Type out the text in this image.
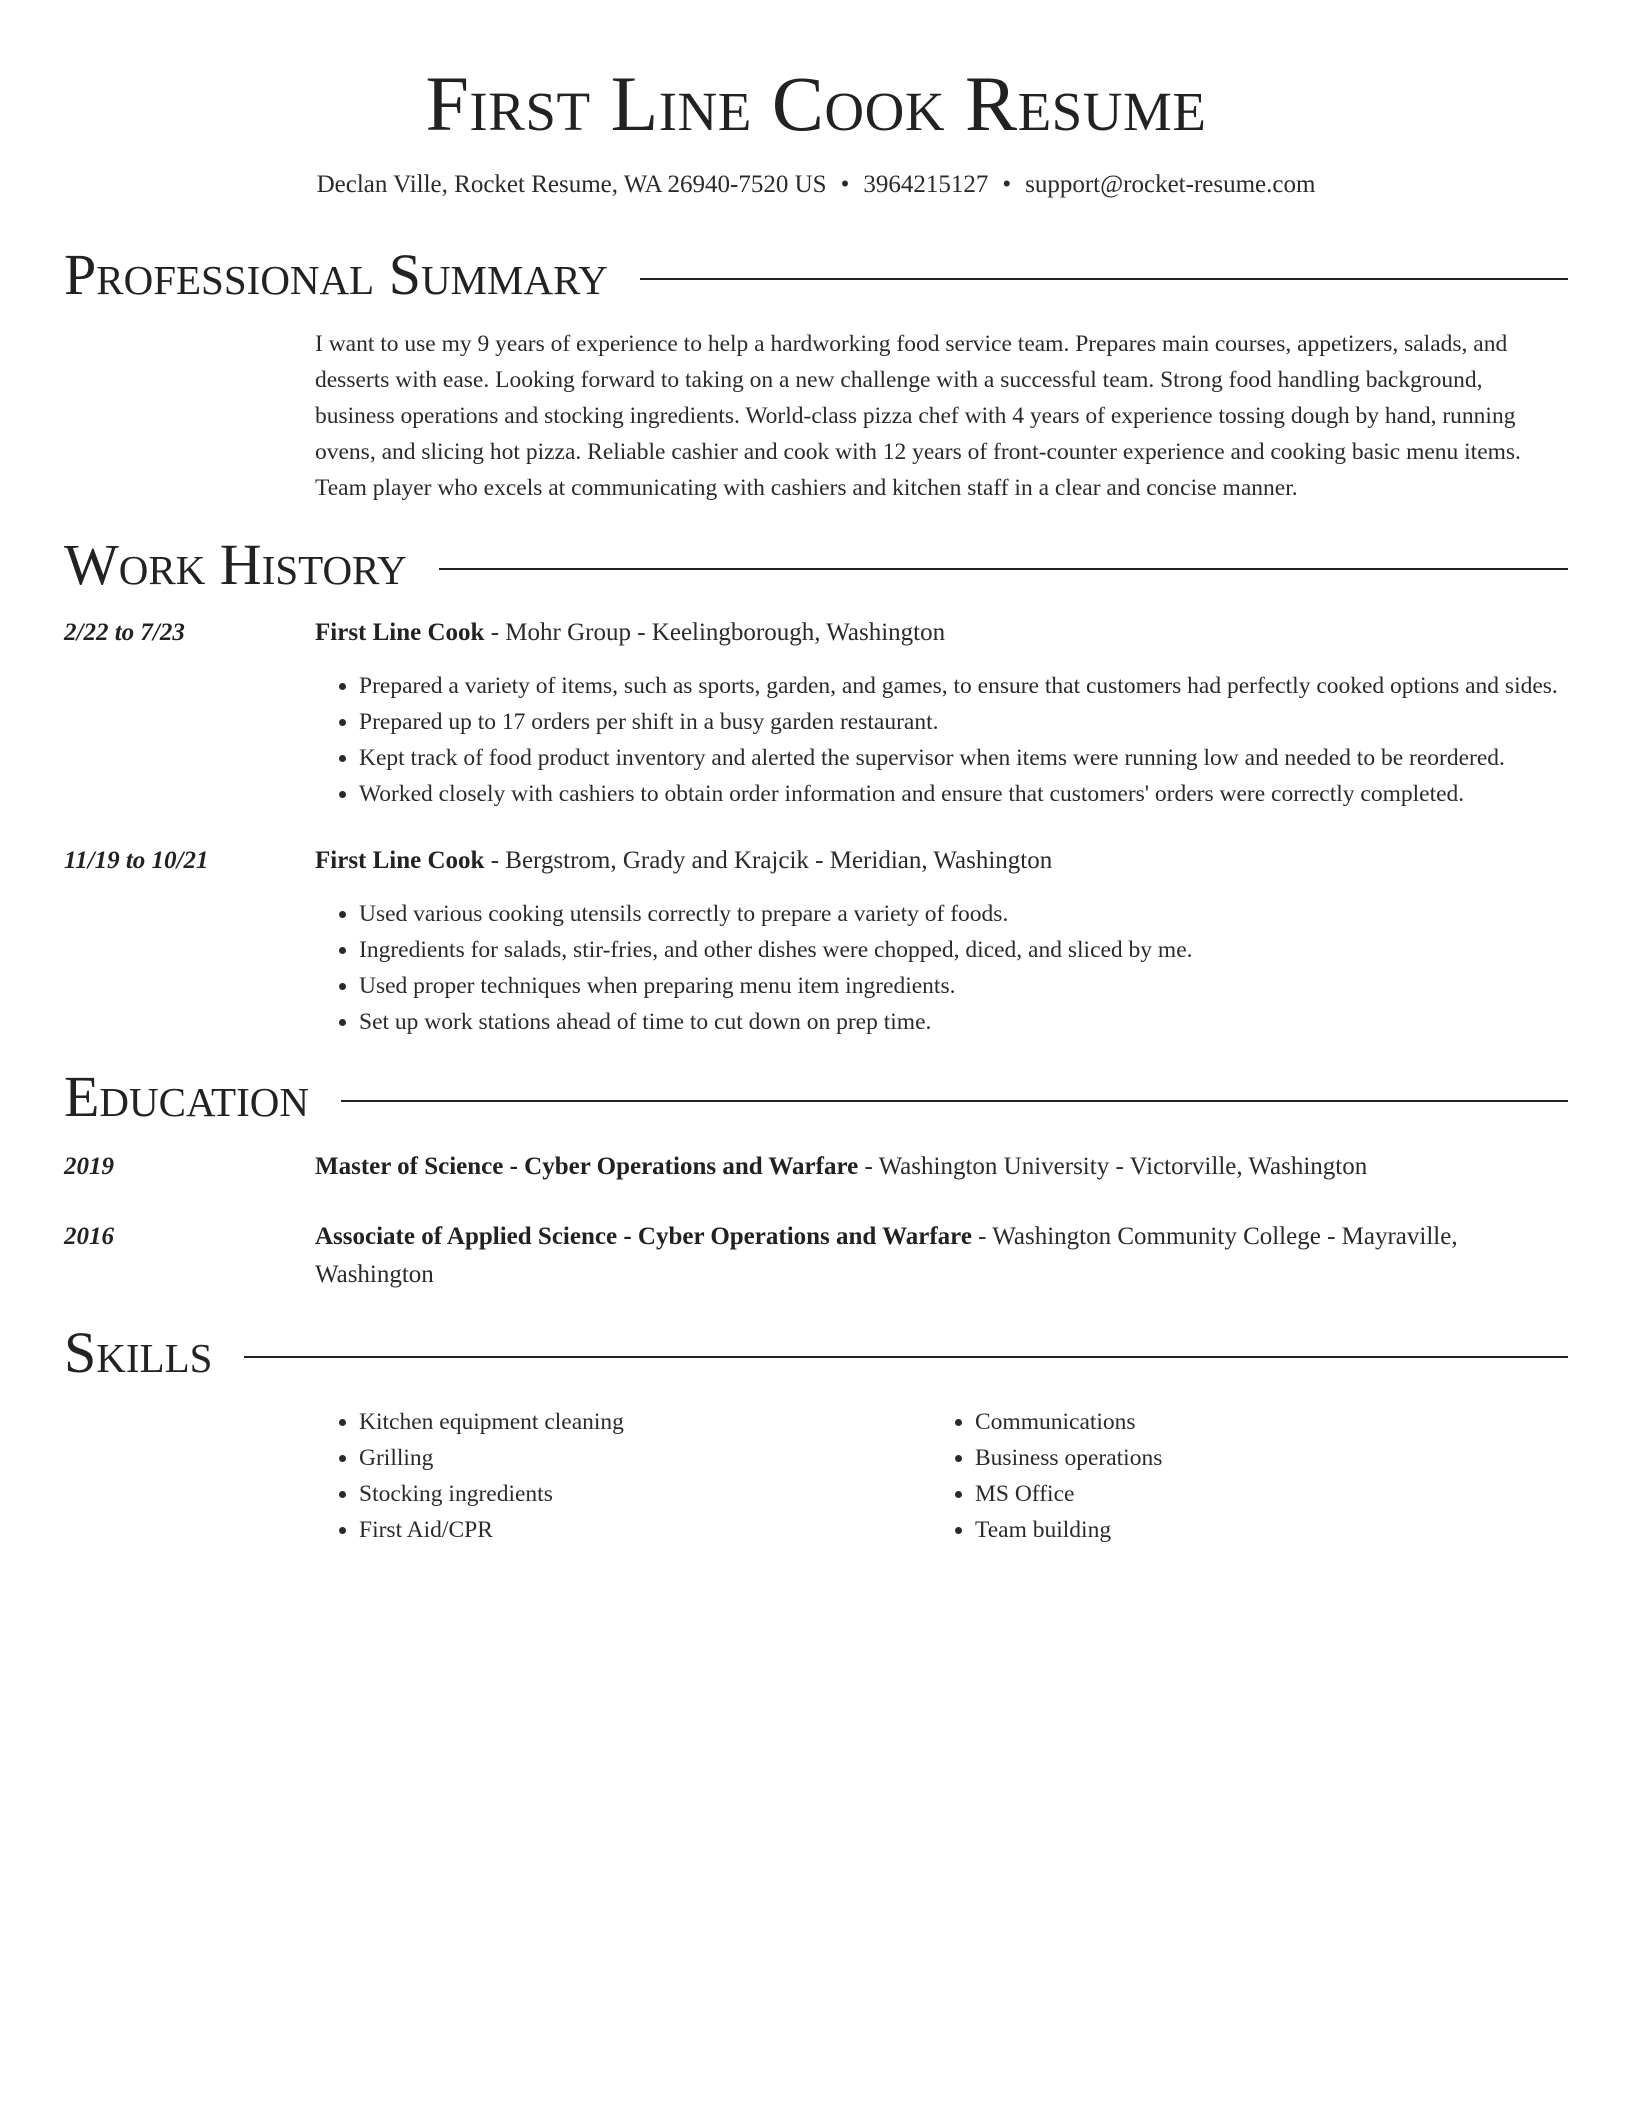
First Line Cook Resume
Declan Ville, Rocket Resume, WA 26940-7520 US • 3964215127 • support@rocket-resume.com
Professional Summary
I want to use my 9 years of experience to help a hardworking food service team. Prepares main courses, appetizers, salads, and desserts with ease. Looking forward to taking on a new challenge with a successful team. Strong food handling background, business operations and stocking ingredients. World-class pizza chef with 4 years of experience tossing dough by hand, running ovens, and slicing hot pizza. Reliable cashier and cook with 12 years of front-counter experience and cooking basic menu items. Team player who excels at communicating with cashiers and kitchen staff in a clear and concise manner.
Work History
2/22 to 7/23	First Line Cook - Mohr Group - Keelingborough, Washington
• Prepared a variety of items, such as sports, garden, and games, to ensure that customers had perfectly cooked options and sides.
• Prepared up to 17 orders per shift in a busy garden restaurant.
• Kept track of food product inventory and alerted the supervisor when items were running low and needed to be reordered.
• Worked closely with cashiers to obtain order information and ensure that customers' orders were correctly completed.
11/19 to 10/21	First Line Cook - Bergstrom, Grady and Krajcik - Meridian, Washington
• Used various cooking utensils correctly to prepare a variety of foods.
• Ingredients for salads, stir-fries, and other dishes were chopped, diced, and sliced by me.
• Used proper techniques when preparing menu item ingredients.
• Set up work stations ahead of time to cut down on prep time.
Education
2019	Master of Science - Cyber Operations and Warfare - Washington University - Victorville, Washington
2016	Associate of Applied Science - Cyber Operations and Warfare - Washington Community College - Mayraville, Washington
Skills
• Kitchen equipment cleaning
• Grilling
• Stocking ingredients
• First Aid/CPR
• Communications
• Business operations
• MS Office
• Team building
